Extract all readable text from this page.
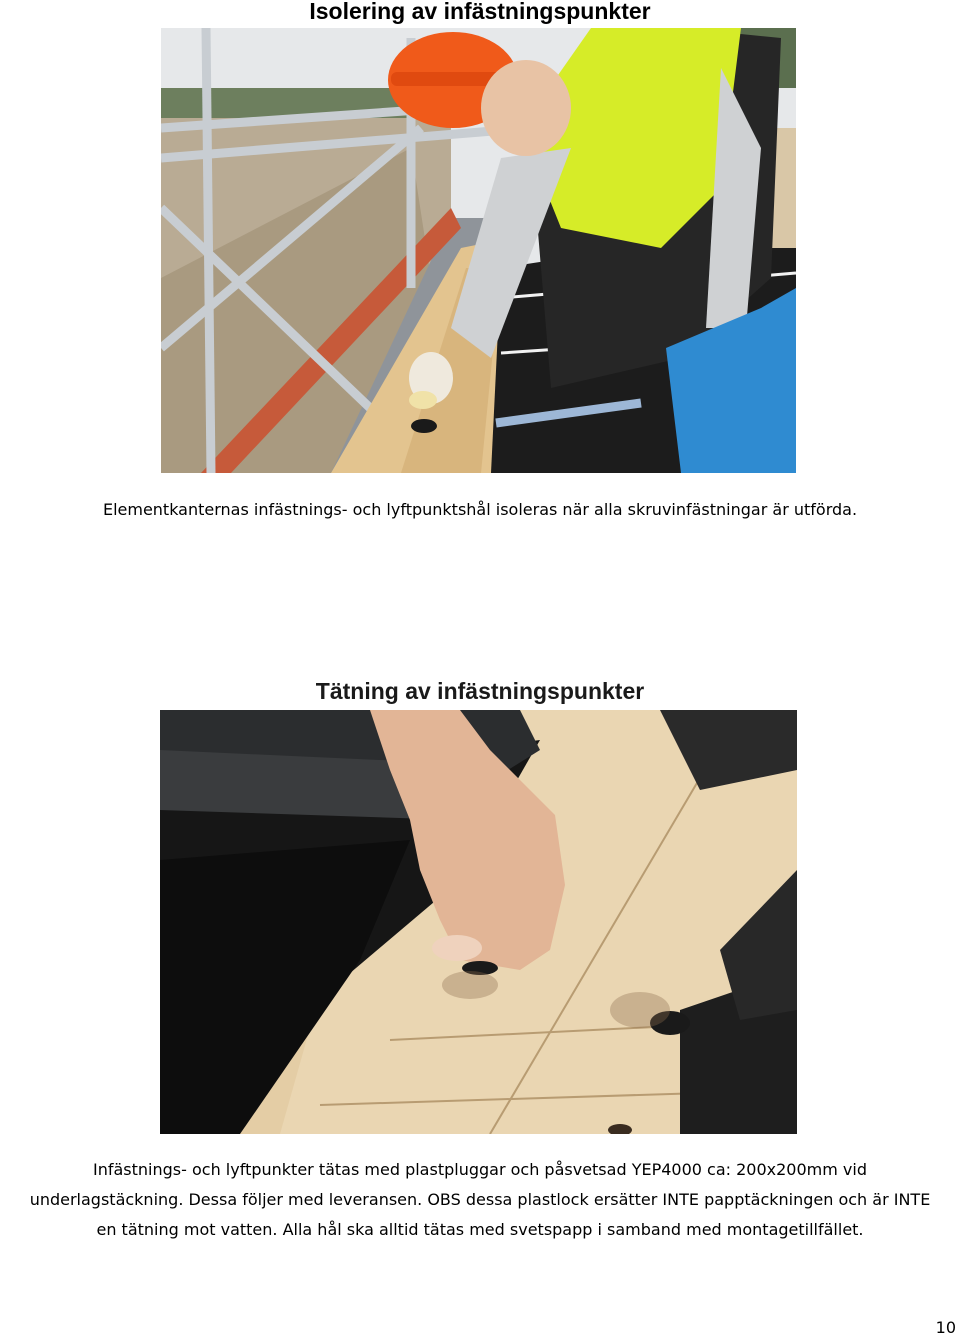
Isolering av infästningspunkter

Elementkanternas infästnings- och lyftpunktshål isoleras när alla skruvinfästningar är utförda.

Tätning av infästningspunkter
Infästnings- och lyftpunkter tätas med plastpluggar och påsvetsad YEP4000 ca: 200x200mm vid
underlagstäckning. Dessa följer med leveransen. OBS dessa plastlock ersätter INTE papptäckningen och är INTE
en tätning mot vatten. Alla hål ska alltid tätas med svetspapp i samband med montagetillfället.
10
